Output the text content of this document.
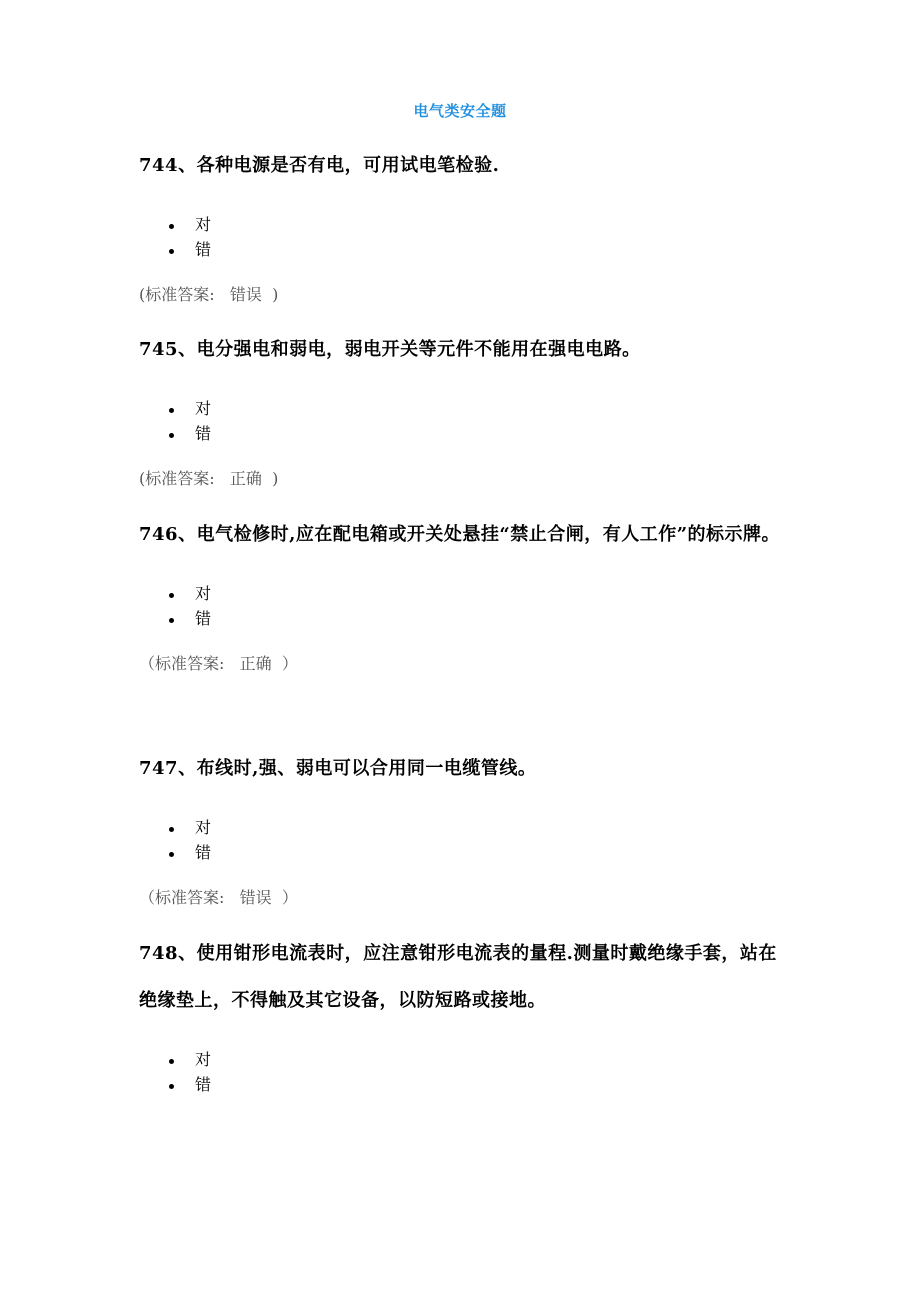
电气类安全题

744、各种电源是否有电，可用试电笔检验.

对
错

(标准答案: 错误 )

745、电分强电和弱电，弱电开关等元件不能用在强电电路。

对
错

(标准答案: 正确 )

746、电气检修时,应在配电箱或开关处悬挂“禁止合闸，有人工作”的标示牌。

对
错

（标准答案: 正确 ）

747、布线时,强、弱电可以合用同一电缆管线。

对
错

（标准答案: 错误 ）

748、使用钳形电流表时，应注意钳形电流表的量程.测量时戴绝缘手套，站在绝缘垫上，不得触及其它设备，以防短路或接地。

对
错
